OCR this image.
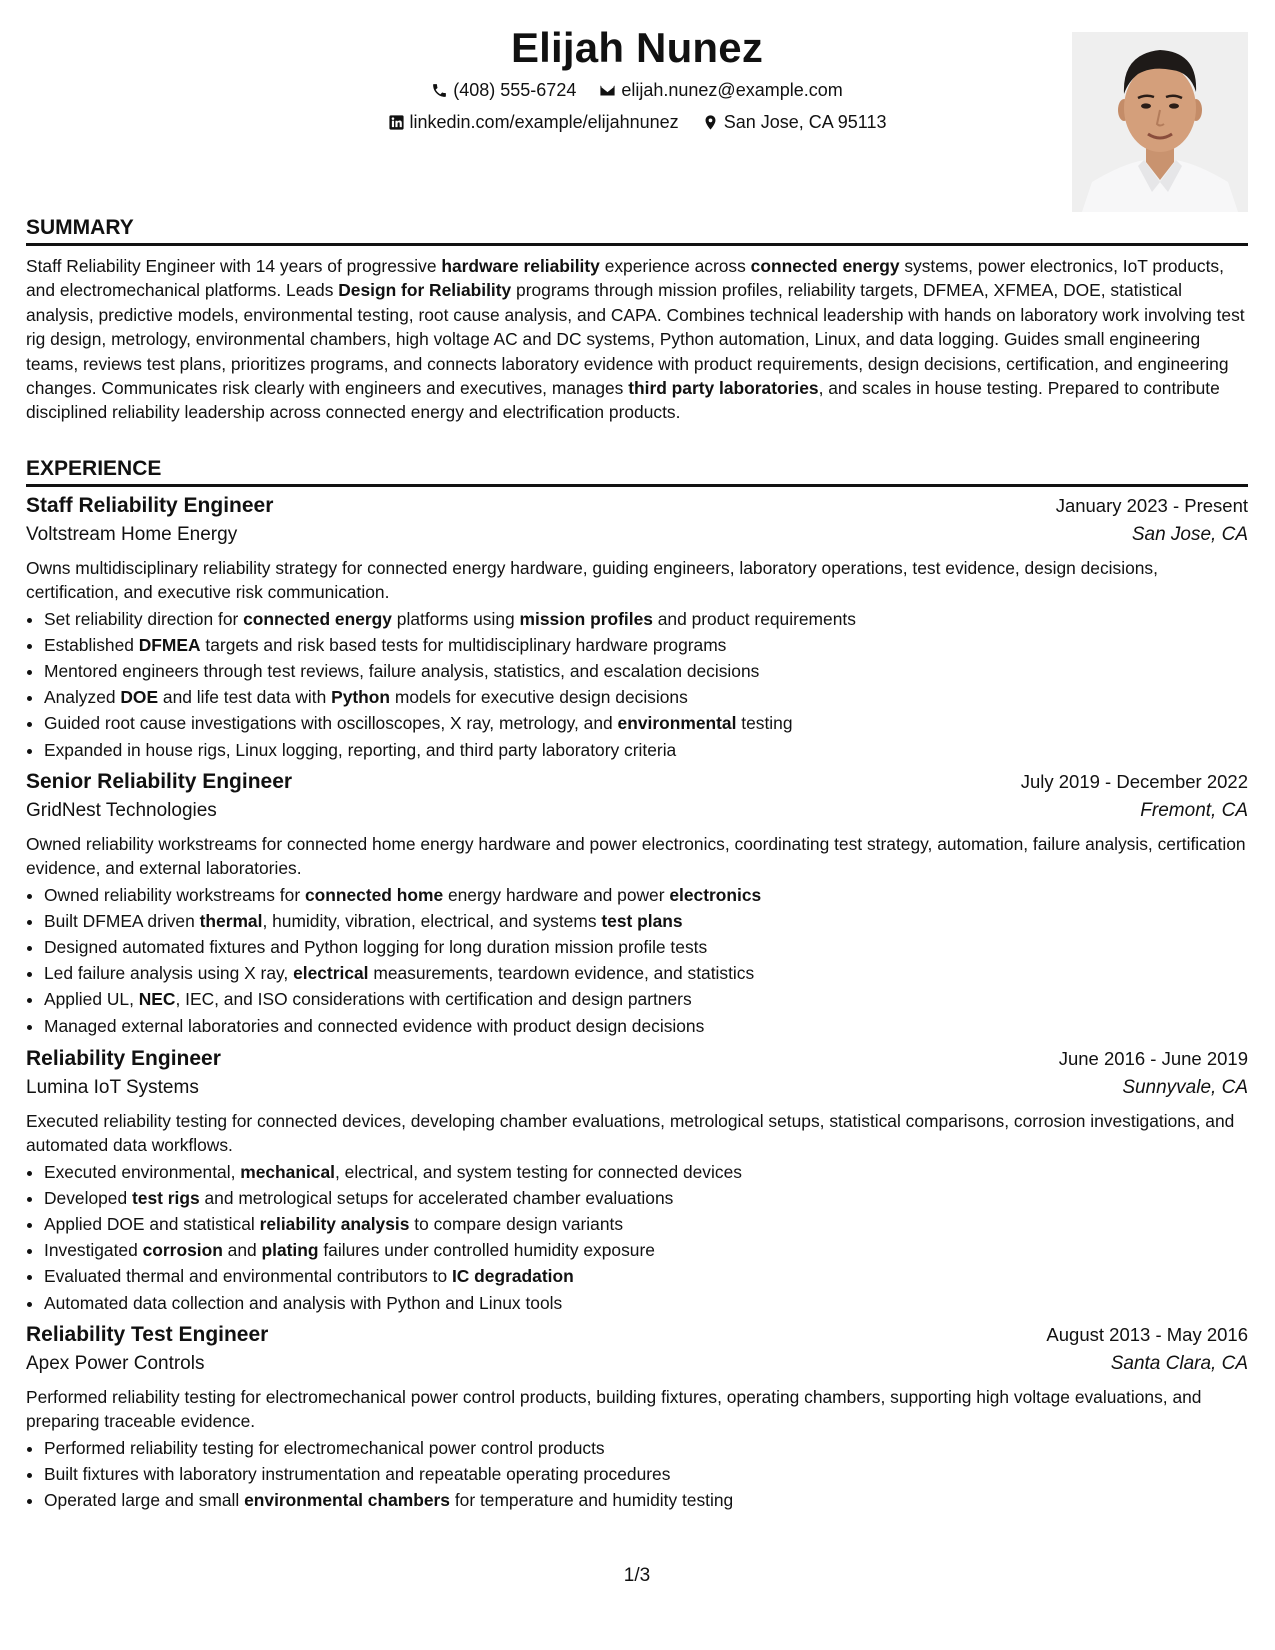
Elijah Nunez
(408) 555-6724
	elijah.nunez@example.com
linkedin.com/example/elijahnunez
	San Jose, CA 95113
SUMMARY
Staff Reliability Engineer with 14 years of progressive hardware reliability experience across connected energy systems, power electronics, IoT products, and electromechanical platforms. Leads Design for Reliability programs through mission profiles, reliability targets, DFMEA, XFMEA, DOE, statistical analysis, predictive models, environmental testing, root cause analysis, and CAPA. Combines technical leadership with hands on laboratory work involving test rig design, metrology, environmental chambers, high voltage AC and DC systems, Python automation, Linux, and data logging. Guides small engineering teams, reviews test plans, prioritizes programs, and connects laboratory evidence with product requirements, design decisions, certification, and engineering changes. Communicates risk clearly with engineers and executives, manages third party laboratories, and scales in house testing. Prepared to contribute disciplined reliability leadership across connected energy and electrification products.
EXPERIENCE
Staff Reliability Engineer	January 2023 - Present
Voltstream Home Energy	San Jose, CA
Owns multidisciplinary reliability strategy for connected energy hardware, guiding engineers, laboratory operations, test evidence, design decisions, certification, and executive risk communication.
• Set reliability direction for connected energy platforms using mission profiles and product requirements
• Established DFMEA targets and risk based tests for multidisciplinary hardware programs
• Mentored engineers through test reviews, failure analysis, statistics, and escalation decisions
• Analyzed DOE and life test data with Python models for executive design decisions
• Guided root cause investigations with oscilloscopes, X ray, metrology, and environmental testing
• Expanded in house rigs, Linux logging, reporting, and third party laboratory criteria
Senior Reliability Engineer	July 2019 - December 2022
GridNest Technologies	Fremont, CA
Owned reliability workstreams for connected home energy hardware and power electronics, coordinating test strategy, automation, failure analysis, certification evidence, and external laboratories.
• Owned reliability workstreams for connected home energy hardware and power electronics
• Built DFMEA driven thermal, humidity, vibration, electrical, and systems test plans
• Designed automated fixtures and Python logging for long duration mission profile tests
• Led failure analysis using X ray, electrical measurements, teardown evidence, and statistics
• Applied UL, NEC, IEC, and ISO considerations with certification and design partners
• Managed external laboratories and connected evidence with product design decisions
Reliability Engineer	June 2016 - June 2019
Lumina IoT Systems	Sunnyvale, CA
Executed reliability testing for connected devices, developing chamber evaluations, metrological setups, statistical comparisons, corrosion investigations, and automated data workflows.
• Executed environmental, mechanical, electrical, and system testing for connected devices
• Developed test rigs and metrological setups for accelerated chamber evaluations
• Applied DOE and statistical reliability analysis to compare design variants
• Investigated corrosion and plating failures under controlled humidity exposure
• Evaluated thermal and environmental contributors to IC degradation
• Automated data collection and analysis with Python and Linux tools
Reliability Test Engineer	August 2013 - May 2016
Apex Power Controls	Santa Clara, CA
Performed reliability testing for electromechanical power control products, building fixtures, operating chambers, supporting high voltage evaluations, and preparing traceable evidence.
• Performed reliability testing for electromechanical power control products
• Built fixtures with laboratory instrumentation and repeatable operating procedures
• Operated large and small environmental chambers for temperature and humidity testing
1/3
